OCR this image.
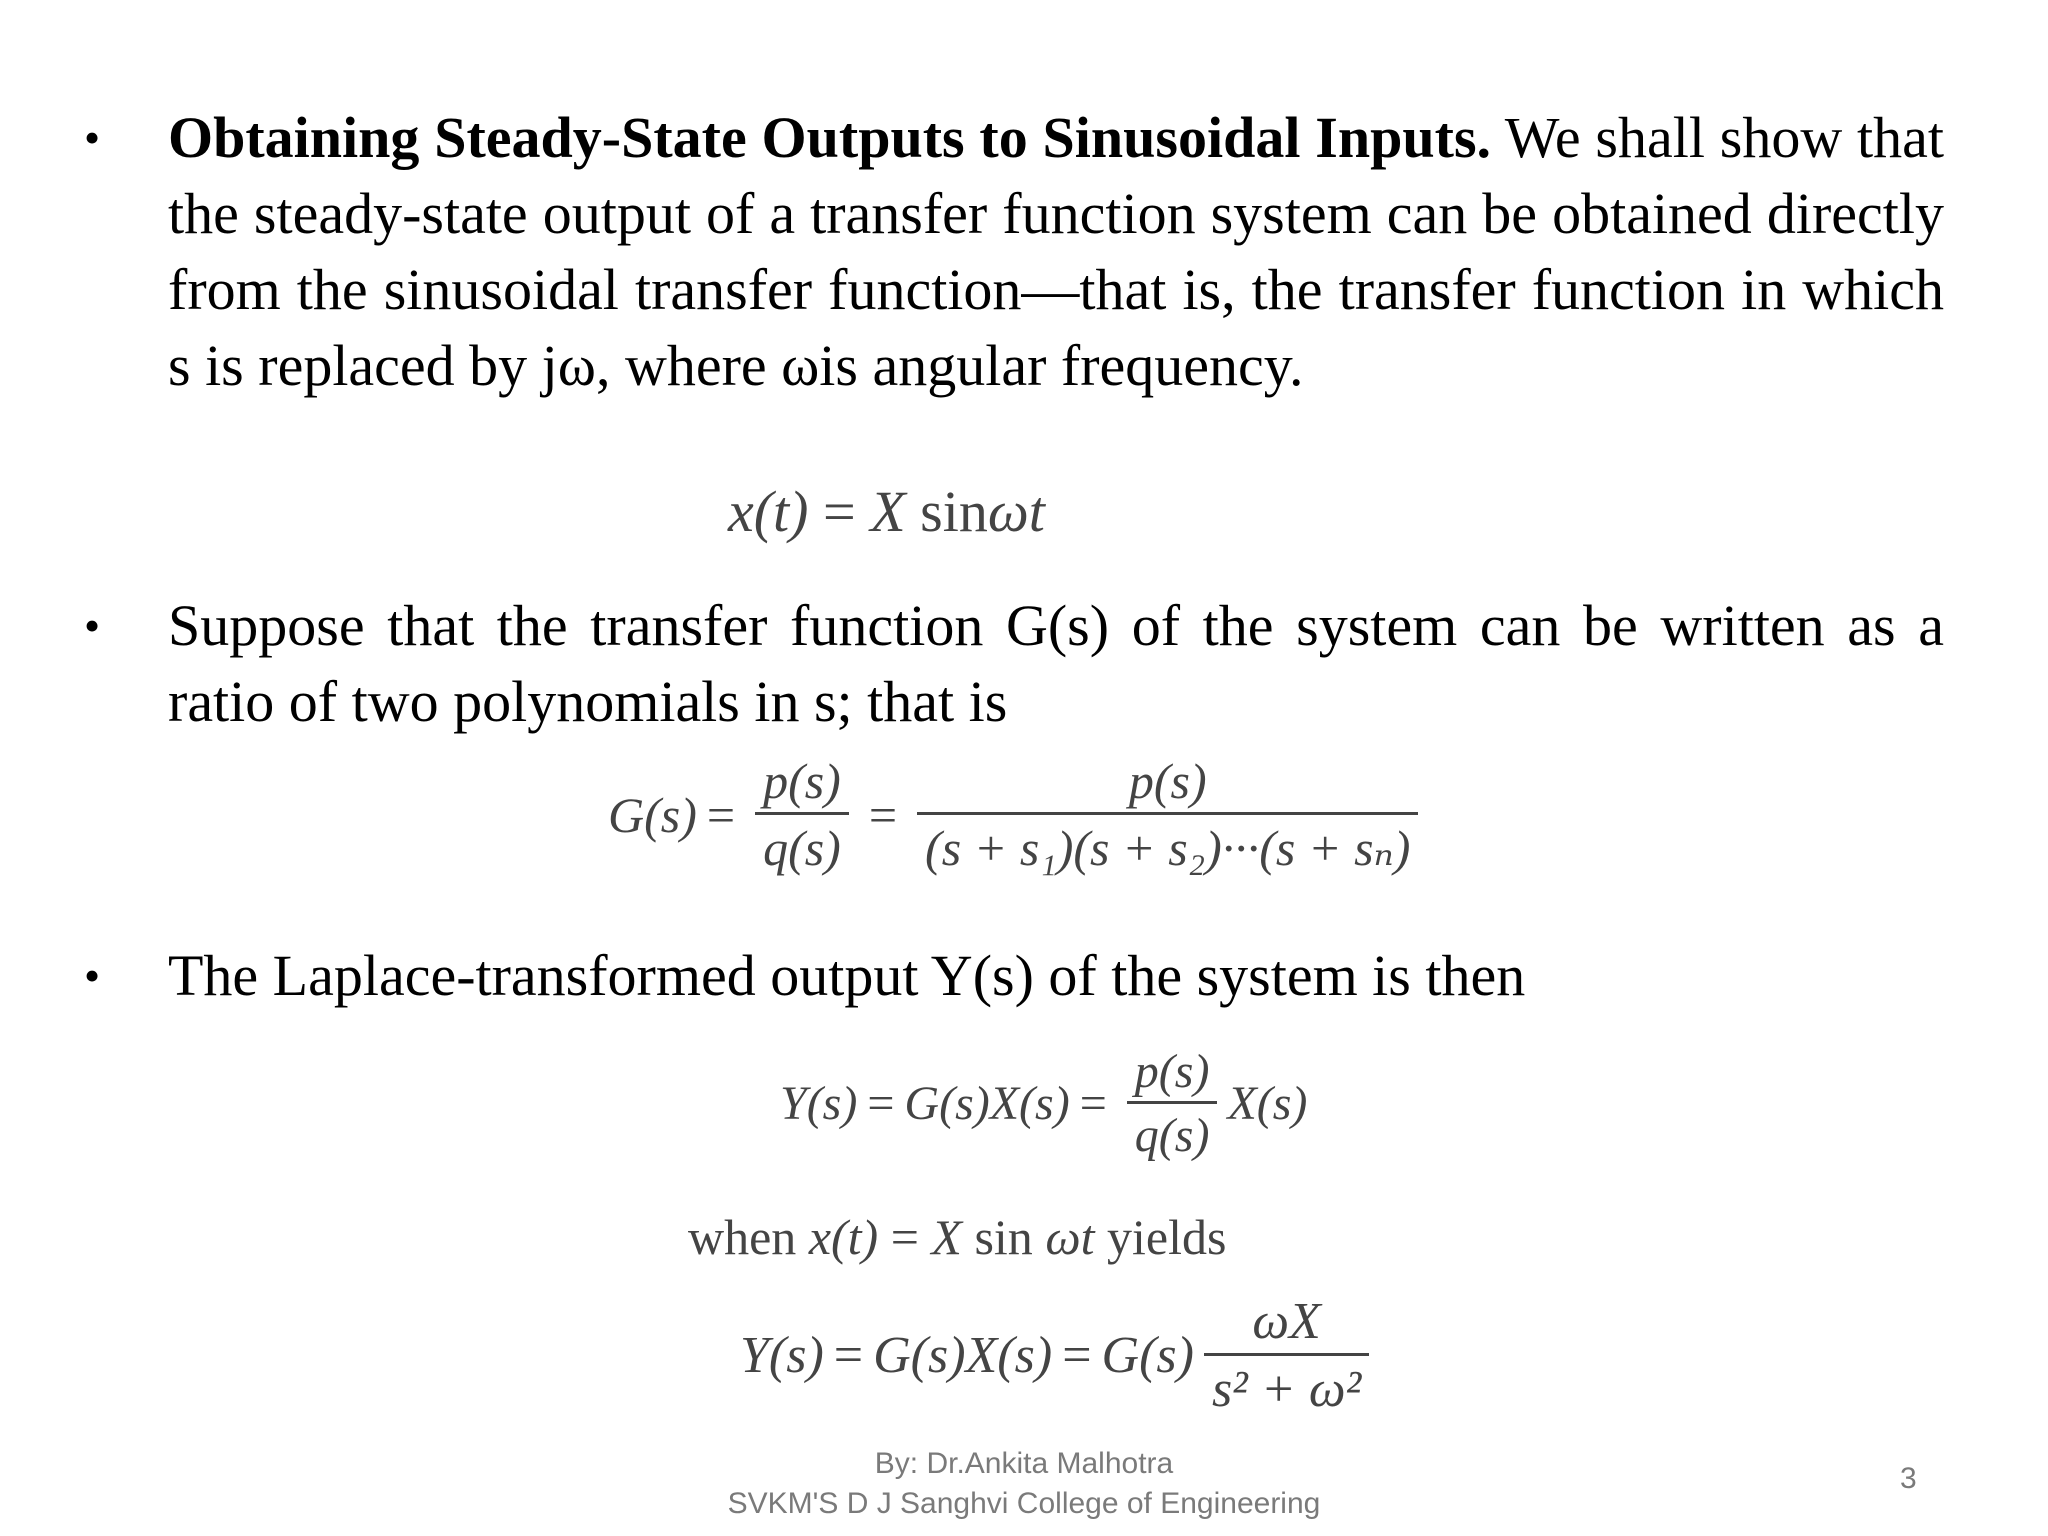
•	Obtaining Steady-State Outputs to Sinusoidal Inputs. We shall show that the steady-state output of a transfer function system can be obtained directly from the sinusoidal transfer function—that is, the transfer function in which s is replaced by jω, where ωis angular frequency.
x(t) = X sinωt
•	Suppose that the transfer function G(s) of the system can be written as a ratio of two polynomials in s; that is
$G(s) = \frac{p(s)}{q(s)} = \frac{p(s)}{\text{(s + s₁)(s + s₂)···(s + sₙ)}}$
•	The Laplace-transformed output Y(s) of the system is then
$Y(s) = G(s)X(s) = \frac{p(s)}{q(s)} X(s)$
when x(t) = X sin ωt yields
$Y(s) = G(s)X(s) = G(s) \frac{\omega X}{\text{s² + ω²}}$
By: Dr.Ankita Malhotra
SVKM'S D J Sanghvi College of Engineering
3
